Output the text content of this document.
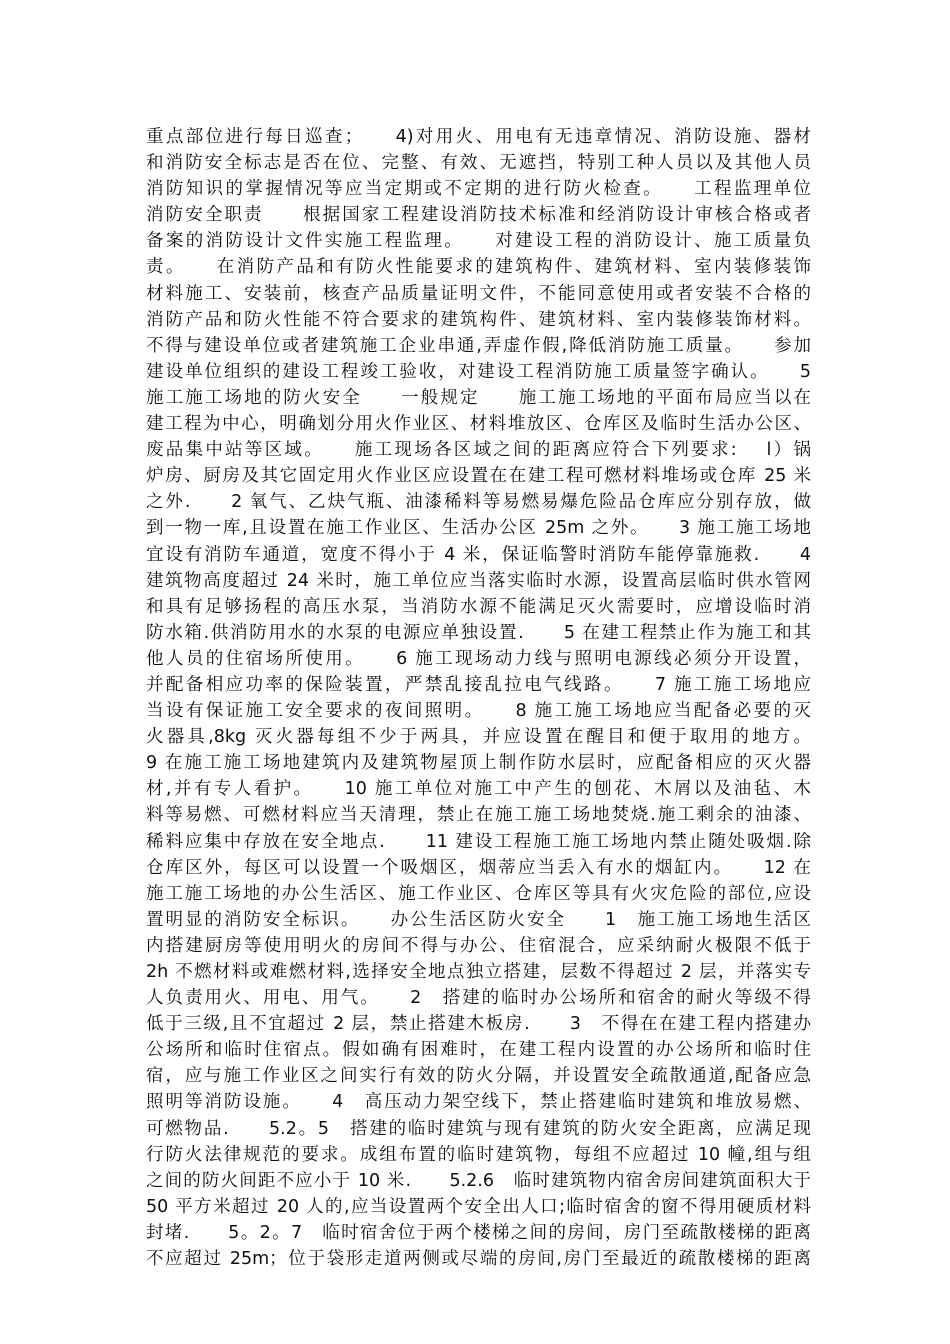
重点部位进行每日巡查；　　4)对用火、用电有无违章情况、消防设施、器材
和消防安全标志是否在位、完整、有效、无遮挡，特别工种人员以及其他人员
消防知识的掌握情况等应当定期或不定期的进行防火检查。　　工程监理单位
消防安全职责　　根据国家工程建设消防技术标准和经消防设计审核合格或者
备案的消防设计文件实施工程监理。　　对建设工程的消防设计、施工质量负
责。　　在消防产品和有防火性能要求的建筑构件、建筑材料、室内装修装饰
材料施工、安装前，核查产品质量证明文件，不能同意使用或者安装不合格的
消防产品和防火性能不符合要求的建筑构件、建筑材料、室内装修装饰材料。
不得与建设单位或者建筑施工企业串通,弄虚作假,降低消防施工质量。　　参加
建设单位组织的建设工程竣工验收，对建设工程消防施工质量签字确认。　　5
施工施工场地的防火安全　　一般规定　　施工施工场地的平面布局应当以在
建工程为中心，明确划分用火作业区、材料堆放区、仓库区及临时生活办公区、
废品集中站等区域。　　施工现场各区域之间的距离应符合下列要求:　 l）锅
炉房、厨房及其它固定用火作业区应设置在在建工程可燃材料堆场或仓库 25 米
之外.　　2 氧气、乙炔气瓶、油漆稀料等易燃易爆危险品仓库应分别存放，做
到一物一库,且设置在施工作业区、生活办公区 25m 之外。　　3 施工施工场地
宜设有消防车通道，宽度不得小于 4 米，保证临警时消防车能停靠施救.　　4
建筑物高度超过 24 米时，施工单位应当落实临时水源，设置高层临时供水管网
和具有足够扬程的高压水泵，当消防水源不能满足灭火需要时，应增设临时消
防水箱.供消防用水的水泵的电源应单独设置.　　5 在建工程禁止作为施工和其
他人员的住宿场所使用。　　6 施工现场动力线与照明电源线必须分开设置，
并配备相应功率的保险装置，严禁乱接乱拉电气线路。　　7 施工施工场地应
当设有保证施工安全要求的夜间照明。　　8 施工施工场地应当配备必要的灭
火器具,8kg 灭火器每组不少于两具，并应设置在醒目和便于取用的地方。
9 在施工施工场地建筑内及建筑物屋顶上制作防水层时，应配备相应的灭火器
材,并有专人看护。　　10 施工单位对施工中产生的刨花、木屑以及油毡、木
料等易燃、可燃材料应当天清理，禁止在施工施工场地焚烧.施工剩余的油漆、
稀料应集中存放在安全地点.　　11 建设工程施工施工场地内禁止随处吸烟.除
仓库区外，每区可以设置一个吸烟区，烟蒂应当丢入有水的烟缸内。　　12 在
施工施工场地的办公生活区、施工作业区、仓库区等具有火灾危险的部位,应设
置明显的消防安全标识。　　办公生活区防火安全　　1　施工施工场地生活区
内搭建厨房等使用明火的房间不得与办公、住宿混合，应采纳耐火极限不低于
2h 不燃材料或难燃材料,选择安全地点独立搭建，层数不得超过 2 层，并落实专
人负责用火、用电、用气。　　2　搭建的临时办公场所和宿舍的耐火等级不得
低于三级,且不宜超过 2 层，禁止搭建木板房.　　3　不得在在建工程内搭建办
公场所和临时住宿点。假如确有困难时，在建工程内设置的办公场所和临时住
宿，应与施工作业区之间实行有效的防火分隔，并设置安全疏散通道,配备应急
照明等消防设施。　　4　高压动力架空线下，禁止搭建临时建筑和堆放易燃、
可燃物品.　　5.2。5　搭建的临时建筑与现有建筑的防火安全距离，应满足现
行防火法律规范的要求。成组布置的临时建筑物，每组不应超过 10 幢,组与组
之间的防火间距不应小于 10 米.　　5.2.6　临时建筑物内宿舍房间建筑面积大于
50 平方米超过 20 人的,应当设置两个安全出人口;临时宿舍的窗不得用硬质材料
封堵.　　5。2。7　临时宿舍位于两个楼梯之间的房间，房门至疏散楼梯的距离
不应超过 25m；位于袋形走道两侧或尽端的房间,房门至最近的疏散楼梯的距离
